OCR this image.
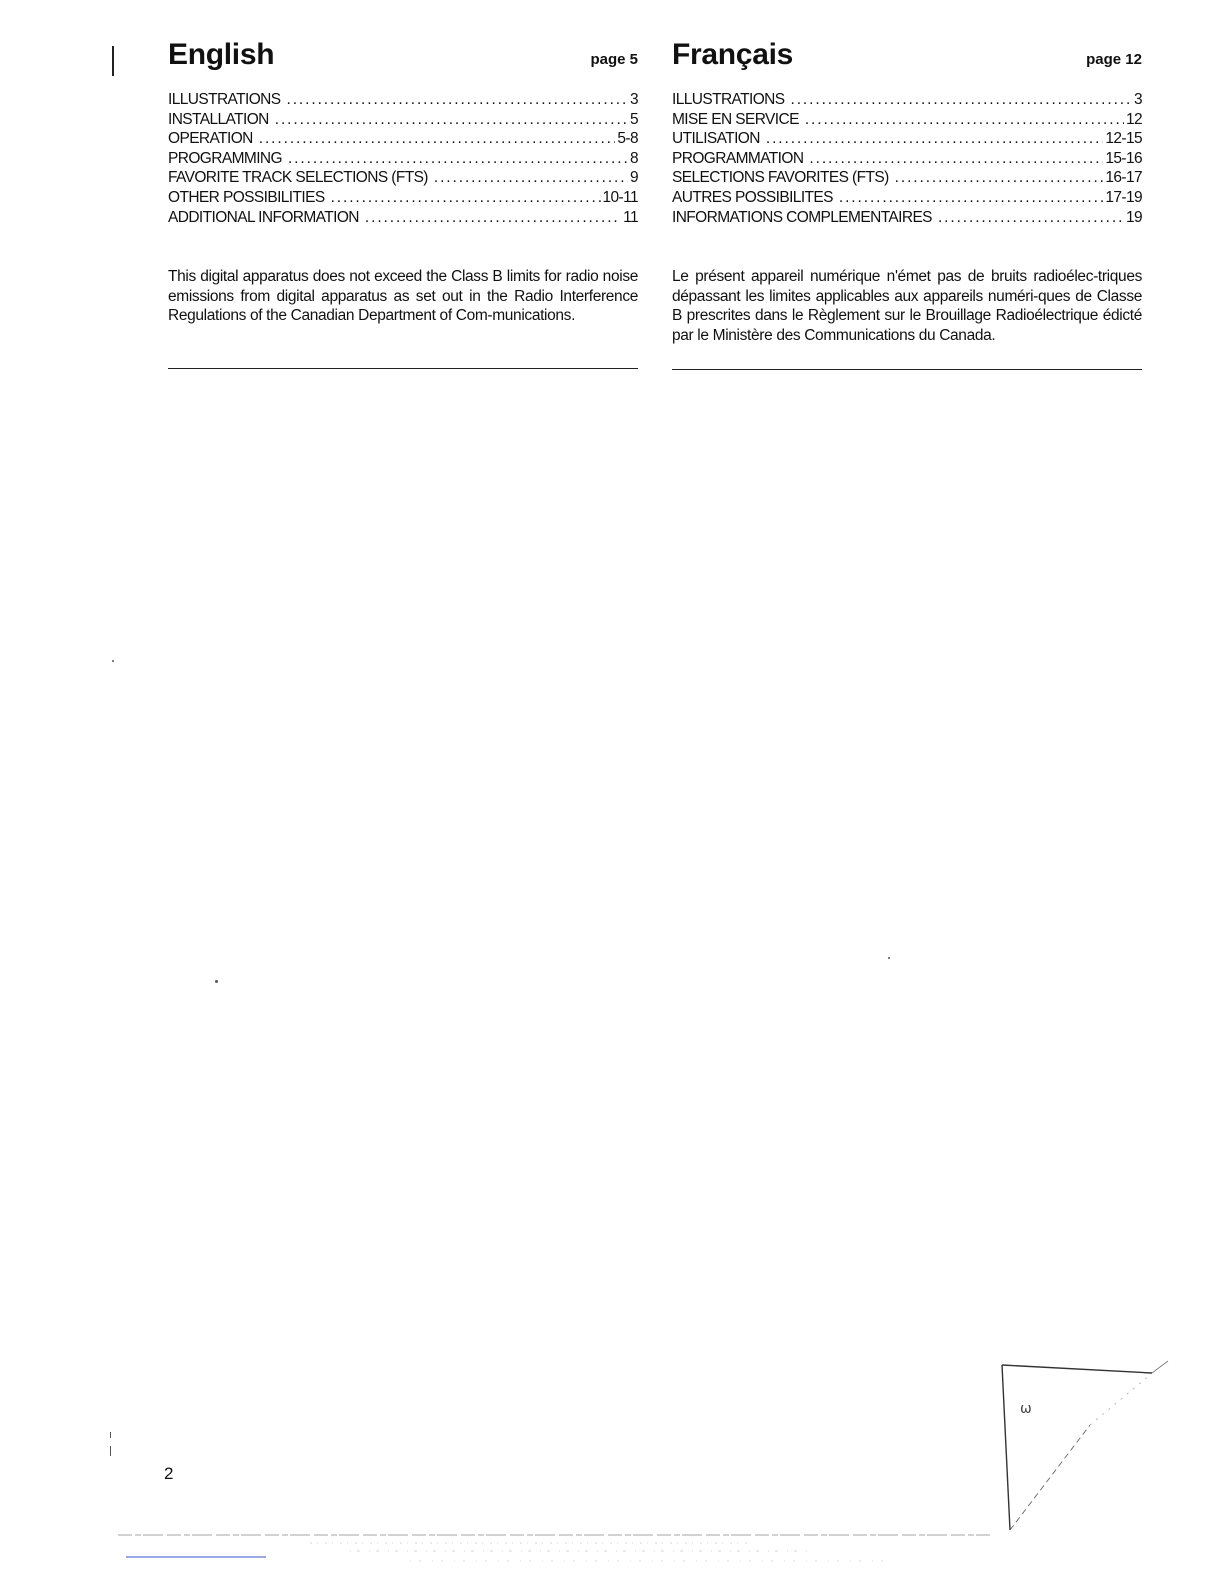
English	page 5
ILLUSTRATIONS . . .	3
INSTALLATION . . .	5
OPERATION . . .	5-8
PROGRAMMING . . .	8
FAVORITE TRACK SELECTIONS (FTS) . . .	9
OTHER POSSIBILITIES . . .	10-11
ADDITIONAL INFORMATION . . .	11

This digital apparatus does not exceed the Class B limits for radio noise emissions from digital apparatus as set out in the Radio Interference Regulations of the Canadian Department of Com-munications.

Français	page 12
ILLUSTRATIONS . . .	3
MISE EN SERVICE . . .	12
UTILISATION . . .	12-15
PROGRAMMATION . . .	15-16
SELECTIONS FAVORITES (FTS) . . .	16-17
AUTRES POSSIBILITES . . .	17-19
INFORMATIONS COMPLEMENTAIRES . . .	19

Le présent appareil numérique n'émet pas de bruits radioélec-triques dépassant les limites applicables aux appareils numéri-ques de Classe B prescrites dans le Règlement sur le Brouillage Radioélectrique édicté par le Ministère des Communications du Canada.

2
ω
